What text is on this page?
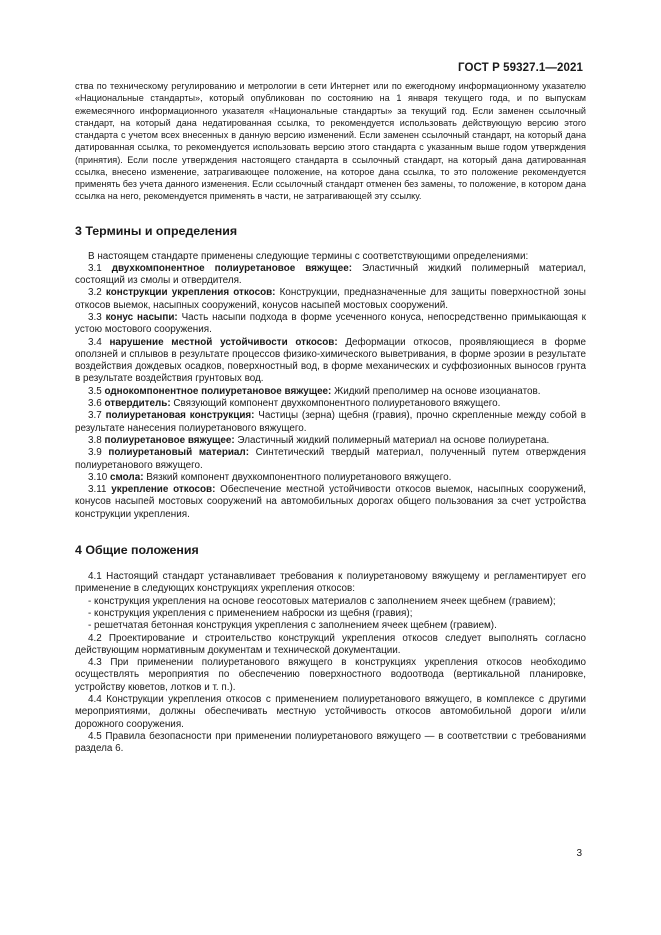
ГОСТ Р 59327.1—2021

ства по техническому регулированию и метрологии в сети Интернет или по ежегодному информационному указателю «Национальные стандарты», который опубликован по состоянию на 1 января текущего года, и по выпускам ежемесячного информационного указателя «Национальные стандарты» за текущий год. Если заменен ссылочный стандарт, на который дана недатированная ссылка, то рекомендуется использовать действующую версию этого стандарта с учетом всех внесенных в данную версию изменений. Если заменен ссылочный стандарт, на который дана датированная ссылка, то рекомендуется использовать версию этого стандарта с указанным выше годом утверждения (принятия). Если после утверждения настоящего стандарта в ссылочный стандарт, на который дана датированная ссылка, внесено изменение, затрагивающее положение, на которое дана ссылка, то это положение рекомендуется применять без учета данного изменения. Если ссылочный стандарт отменен без замены, то положение, в котором дана ссылка на него, рекомендуется применять в части, не затрагивающей эту ссылку.

3 Термины и определения

В настоящем стандарте применены следующие термины с соответствующими определениями:

3.1 двухкомпонентное полиуретановое вяжущее: Эластичный жидкий полимерный материал, состоящий из смолы и отвердителя.

3.2 конструкции укрепления откосов: Конструкции, предназначенные для защиты поверхностной зоны откосов выемок, насыпных сооружений, конусов насыпей мостовых сооружений.

3.3 конус насыпи: Часть насыпи подхода в форме усеченного конуса, непосредственно примыкающая к устою мостового сооружения.

3.4 нарушение местной устойчивости откосов: Деформации откосов, проявляющиеся в форме оползней и сплывов в результате процессов физико-химического выветривания, в форме эрозии в результате воздействия дождевых осадков, поверхностный вод, в форме механических и суффозионных выносов грунта в результате воздействия грунтовых вод.

3.5 однокомпонентное полиуретановое вяжущее: Жидкий преполимер на основе изоцианатов.

3.6 отвердитель: Связующий компонент двухкомпонентного полиуретанового вяжущего.

3.7 полиуретановая конструкция: Частицы (зерна) щебня (гравия), прочно скрепленные между собой в результате нанесения полиуретанового вяжущего.

3.8 полиуретановое вяжущее: Эластичный жидкий полимерный материал на основе полиуретана.

3.9 полиуретановый материал: Синтетический твердый материал, полученный путем отверждения полиуретанового вяжущего.

3.10 смола: Вязкий компонент двухкомпонентного полиуретанового вяжущего.

3.11 укрепление откосов: Обеспечение местной устойчивости откосов выемок, насыпных сооружений, конусов насыпей мостовых сооружений на автомобильных дорогах общего пользования за счет устройства конструкции укрепления.

4 Общие положения

4.1 Настоящий стандарт устанавливает требования к полиуретановому вяжущему и регламентирует его применение в следующих конструкциях укрепления откосов:

- конструкция укрепления на основе геосотовых материалов с заполнением ячеек щебнем (гравием);

- конструкция укрепления с применением наброски из щебня (гравия);

- решетчатая бетонная конструкция укрепления с заполнением ячеек щебнем (гравием).

4.2 Проектирование и строительство конструкций укрепления откосов следует выполнять согласно действующим нормативным документам и технической документации.

4.3 При применении полиуретанового вяжущего в конструкциях укрепления откосов необходимо осуществлять мероприятия по обеспечению поверхностного водоотвода (вертикальной планировке, устройству кюветов, лотков и т. п.).

4.4 Конструкции укрепления откосов с применением полиуретанового вяжущего, в комплексе с другими мероприятиями, должны обеспечивать местную устойчивость откосов автомобильной дороги и/или дорожного сооружения.

4.5 Правила безопасности при применении полиуретанового вяжущего — в соответствии с требованиями раздела 6.

3
